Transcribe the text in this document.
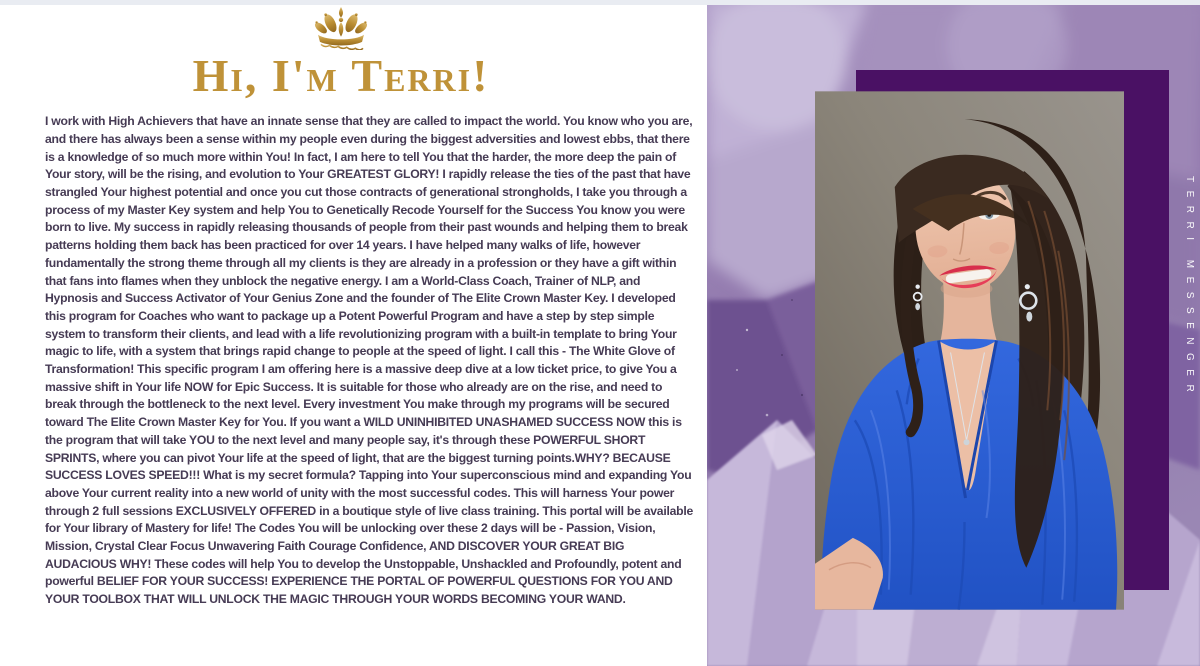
Hi, I'm Terri!

I work with High Achievers that have an innate sense that they are called to impact the world. You know who you are, and there has always been a sense within my people even during the biggest adversities and lowest ebbs, that there is a knowledge of so much more within You! In fact, I am here to tell You that the harder, the more deep the pain of Your story, will be the rising, and evolution to Your GREATEST GLORY! I rapidly release the ties of the past that have strangled Your highest potential and once you cut those contracts of generational strongholds, I take you through a process of my Master Key system and help You to Genetically Recode Yourself for the Success You know you were born to live. My success in rapidly releasing thousands of people from their past wounds and helping them to break patterns holding them back has been practiced for over 14 years. I have helped many walks of life, however fundamentally the strong theme through all my clients is they are already in a profession or they have a gift within that fans into flames when they unblock the negative energy. I am a World-Class Coach, Trainer of NLP, and Hypnosis and Success Activator of Your Genius Zone and the founder of The Elite Crown Master Key. I developed this program for Coaches who want to package up a Potent Powerful Program and have a step by step simple system to transform their clients, and lead with a life revolutionizing program with a built-in template to bring Your magic to life, with a system that brings rapid change to people at the speed of light. I call this - The White Glove of Transformation! This specific program I am offering here is a massive deep dive at a low ticket price, to give You a massive shift in Your life NOW for Epic Success. It is suitable for those who already are on the rise, and need to break through the bottleneck to the next level. Every investment You make through my programs will be secured toward The Elite Crown Master Key for You. If you want a WILD UNINHIBITED UNASHAMED SUCCESS NOW this is the program that will take YOU to the next level and many people say, it's through these POWERFUL SHORT SPRINTS, where you can pivot Your life at the speed of light, that are the biggest turning points.WHY? BECAUSE SUCCESS LOVES SPEED!!! What is my secret formula? Tapping into Your superconscious mind and expanding You above Your current reality into a new world of unity with the most successful codes. This will harness Your power through 2 full sessions EXCLUSIVELY OFFERED in a boutique style of live class training. This portal will be available for Your library of Mastery for life! The Codes You will be unlocking over these 2 days will be - Passion, Vision, Mission, Crystal Clear Focus Unwavering Faith Courage Confidence, AND DISCOVER YOUR GREAT BIG AUDACIOUS WHY! These codes will help You to develop the Unstoppable, Unshackled and Profoundly, potent and powerful BELIEF FOR YOUR SUCCESS! EXPERIENCE THE PORTAL OF POWERFUL QUESTIONS FOR YOU AND YOUR TOOLBOX THAT WILL UNLOCK THE MAGIC THROUGH YOUR WORDS BECOMING YOUR WAND.

TERRI MESSENGER
